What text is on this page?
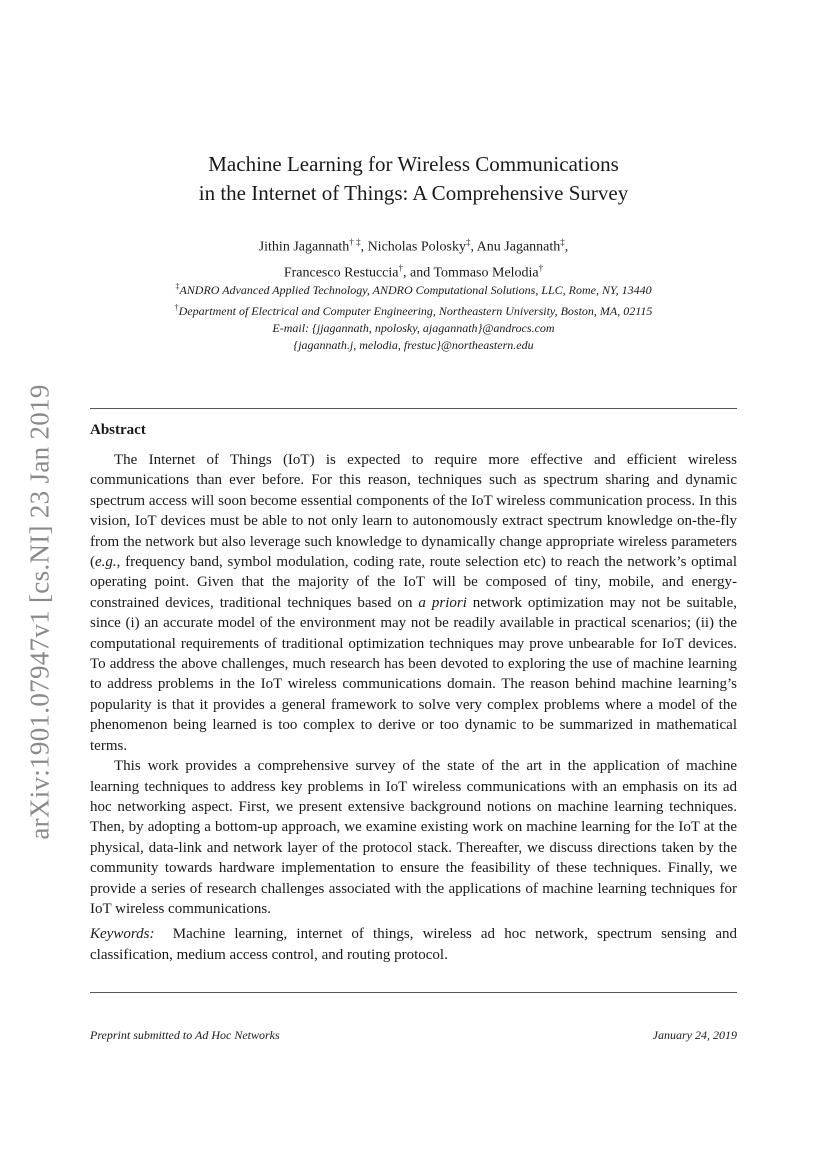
arXiv:1901.07947v1 [cs.NI] 23 Jan 2019
Machine Learning for Wireless Communications
in the Internet of Things: A Comprehensive Survey
Jithin Jagannath† ‡, Nicholas Polosky‡, Anu Jagannath‡,
Francesco Restuccia†, and Tommaso Melodia†
‡ANDRO Advanced Applied Technology, ANDRO Computational Solutions, LLC, Rome, NY, 13440
†Department of Electrical and Computer Engineering, Northeastern University, Boston, MA, 02115
E-mail: {jjagannath, npolosky, ajagannath}@androcs.com
{jagannath.j, melodia, frestuc}@northeastern.edu
Abstract

The Internet of Things (IoT) is expected to require more effective and efficient wireless communications than ever before. For this reason, techniques such as spectrum sharing and dynamic spectrum access will soon become essential components of the IoT wireless communication process. In this vision, IoT devices must be able to not only learn to autonomously extract spectrum knowledge on-the-fly from the network but also leverage such knowledge to dynamically change appropriate wireless parameters (e.g., frequency band, symbol modulation, coding rate, route selection etc) to reach the network’s optimal operating point. Given that the majority of the IoT will be composed of tiny, mobile, and energy-constrained devices, traditional techniques based on a priori network optimization may not be suitable, since (i) an accurate model of the environment may not be readily available in practical scenarios; (ii) the computational requirements of traditional optimization techniques may prove unbearable for IoT devices. To address the above challenges, much research has been devoted to exploring the use of machine learning to address problems in the IoT wireless communications domain. The reason behind machine learning’s popularity is that it provides a general framework to solve very complex problems where a model of the phenomenon being learned is too complex to derive or too dynamic to be summarized in mathematical terms.

This work provides a comprehensive survey of the state of the art in the application of machine learning techniques to address key problems in IoT wireless communications with an emphasis on its ad hoc networking aspect. First, we present extensive background notions on machine learning techniques. Then, by adopting a bottom-up approach, we examine existing work on machine learning for the IoT at the physical, data-link and network layer of the protocol stack. Thereafter, we discuss directions taken by the community towards hardware implementation to ensure the feasibility of these techniques. Finally, we provide a series of research challenges associated with the applications of machine learning techniques for IoT wireless communications.

Keywords: Machine learning, internet of things, wireless ad hoc network, spectrum sensing and classification, medium access control, and routing protocol.

Preprint submitted to Ad Hoc Networks	January 24, 2019
